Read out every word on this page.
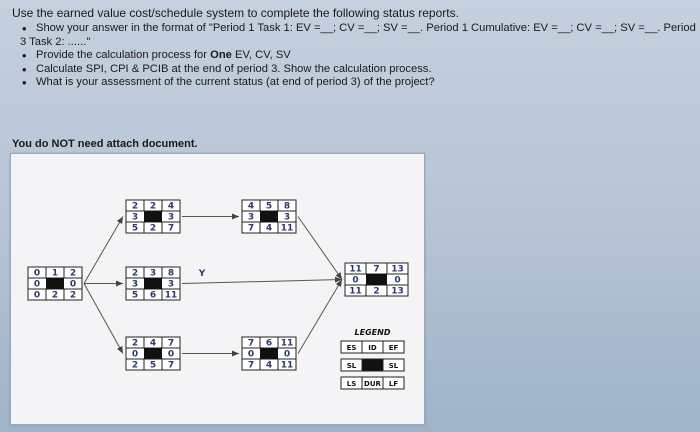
Use the earned value cost/schedule system to complete the following status reports.
• Show your answer in the format of "Period 1 Task 1: EV =__; CV =__; SV =__. Period 1 Cumulative: EV =__; CV =__; SV =__. Period
3 Task 2: ......"
• Provide the calculation process for One EV, CV, SV
• Calculate SPI, CPI & PCIB at the end of period 3. Show the calculation process.
• What is your assessment of the current status (at end of period 3) of the project?
You do NOT need attach document.
0 1 2
0	0
0 2 2
2 2 4
3	3
5 2 7
2 3 8
3	3
5 6 11
2 4 7
0	0
2 5 7
4 5 8
3	3
7 4 11
7 6 11
0	0
7 4 11
11 7 13
0	0
11 2 13
Y
LEGEND
ES ID EF
SL	SL
LS DUR LF
